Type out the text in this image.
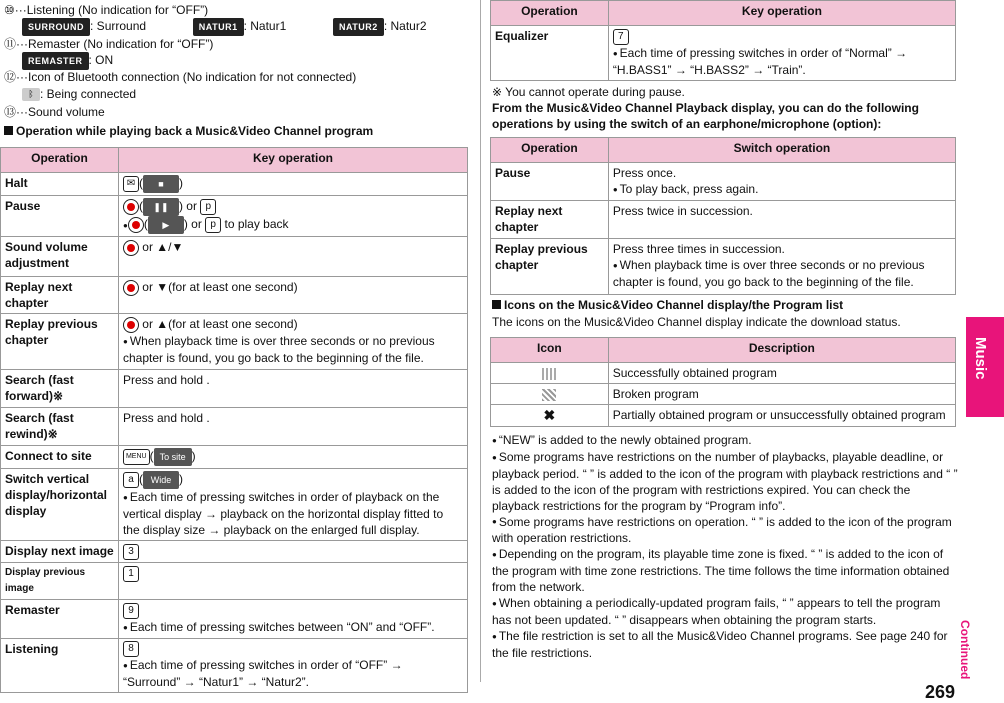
⑩···Listening (No indication for “OFF”)
SURROUND : Surround	NATUR1 : Natur1	NATUR2 : Natur2
⑪···Remaster (No indication for “OFF”)
REMASTER : ON
⑫···Icon of Bluetooth connection (No indication for not connected)
ᛒ : Being connected
⑬···Sound volume
Operation while playing back a Music&Video Channel program
Operation	Key operation
Halt	✉ ( ■ )
Pause	( ❚❚ ) or p
● ( ▶ ) or p to play back

Sound volume adjustment	or ▲/▼
Replay next chapter	or ▼(for at least one second)
Replay previous chapter	or ▲(for at least one second)
● When playback time is over three seconds or no previous chapter is found, you go back to the beginning of the file.

Search (fast forward)※	Press and hold .
Search (fast rewind)※	Press and hold .
Connect to site	MENU ( To site )
Switch vertical display/horizontal display	a ( Wide )
● Each time of pressing switches in order of playback on the vertical display → playback on the horizontal display fitted to the display size → playback on the enlarged full display.

Display next image	3
Display previous image	1
Remaster	9
● Each time of pressing switches between “ON” and “OFF”.

Listening	8
● Each time of pressing switches in order of “OFF” → “Surround” → “Natur1” → “Natur2”.
Operation	Key operation
Equalizer	7
● Each time of pressing switches in order of “Normal” → “H.BASS1” → “H.BASS2” → “Train”.
※ You cannot operate during pause.
From the Music&Video Channel Playback display, you can do the following operations by using the switch of an earphone/microphone (option):
Operation	Switch operation
Pause	Press once.
● To play back, press again.

Replay next chapter	Press twice in succession.
Replay previous chapter	Press three times in succession.
● When playback time is over three seconds or no previous chapter is found, you go back to the beginning of the file.
Icons on the Music&Video Channel display/the Program list
The icons on the Music&Video Channel display indicate the download status.
Icon	Description
	Successfully obtained program
	Broken program
✖	Partially obtained program or unsuccessfully obtained program
● “NEW” is added to the newly obtained program.
● Some programs have restrictions on the number of playbacks, playable deadline, or playback period. “ ” is added to the icon of the program with playback restrictions and “ ” is added to the icon of the program with restrictions expired. You can check the playback restrictions for the program by “Program info”.
● Some programs have restrictions on operation. “ ” is added to the icon of the program with operation restrictions.
● Depending on the program, its playable time zone is fixed. “ ” is added to the icon of the program with time zone restrictions. The time follows the time information obtained from the network.
● When obtaining a periodically-updated program fails, “ ” appears to tell the program has not been updated. “ ” disappears when obtaining the program starts.
● The file restriction is set to all the Music&Video Channel programs. See page 240 for the file restrictions.
Music
Continued
269
